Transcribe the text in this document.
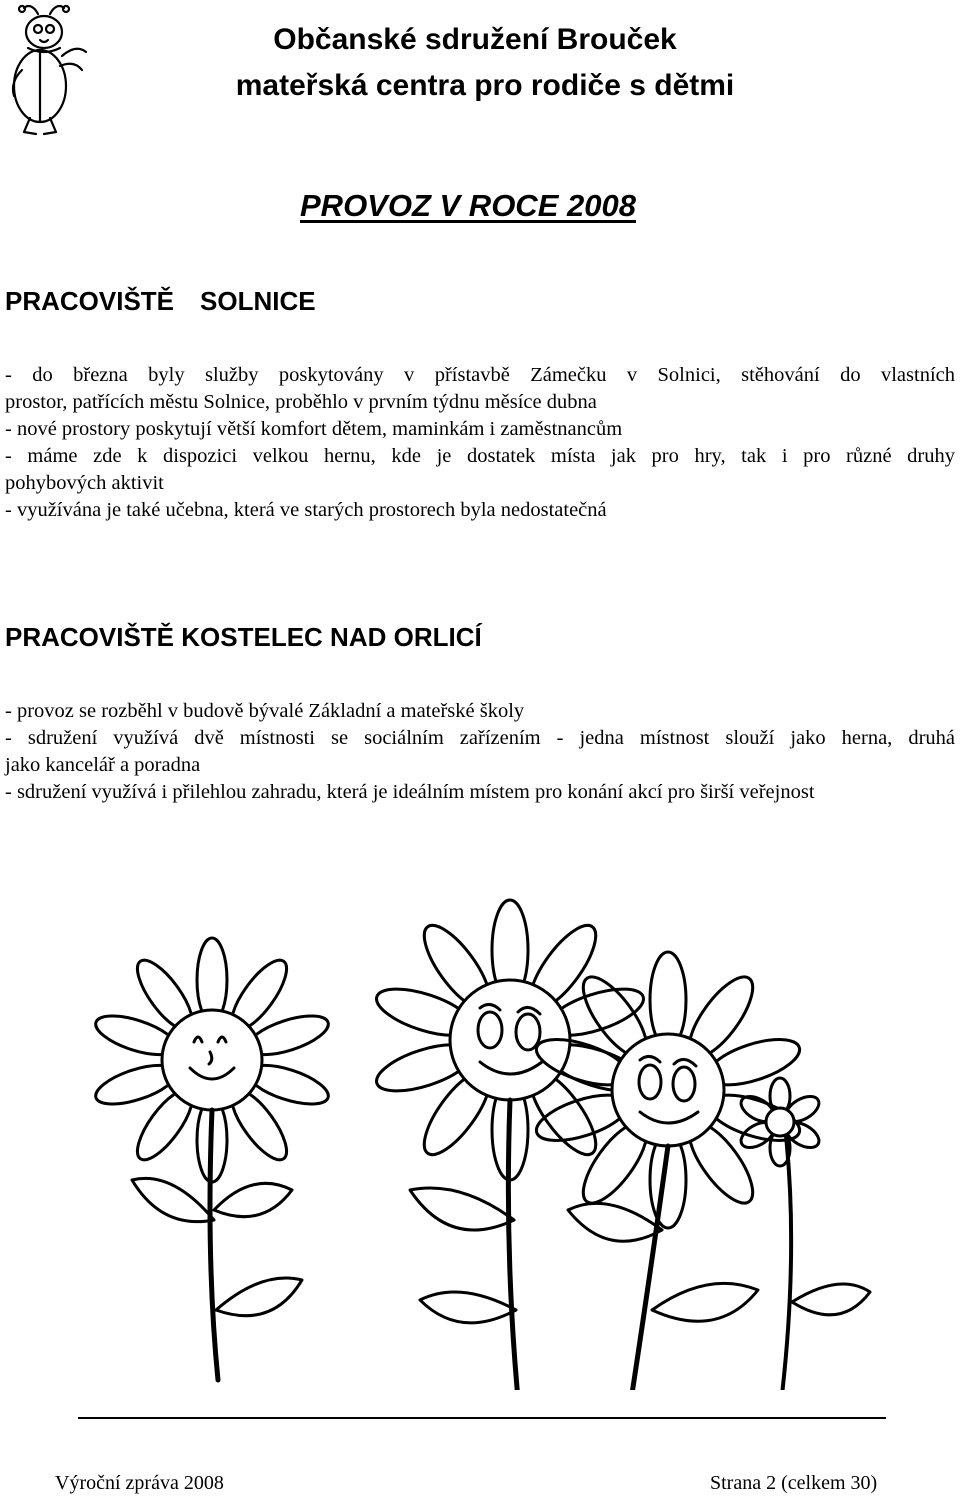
Občanské sdružení Brouček
mateřská centra pro rodiče s dětmi
PROVOZ V ROCE 2008
PRACOVIŠTĚ SOLNICE

- do března byly služby poskytovány v přístavbě Zámečku v Solnici, stěhování do vlastních

prostor, patřících městu Solnice, proběhlo v prvním týdnu měsíce dubna

- nové prostory poskytují větší komfort dětem, maminkám i zaměstnancům

- máme zde k dispozici velkou hernu, kde je dostatek místa jak pro hry, tak i pro různé druhy

pohybových aktivit

- využívána je také učebna, která ve starých prostorech byla nedostatečná

PRACOVIŠTĚ KOSTELEC NAD ORLICÍ

- provoz se rozběhl v budově bývalé Základní a mateřské školy

- sdružení využívá dvě místnosti se sociálním zařízením - jedna místnost slouží jako herna, druhá

jako kancelář a poradna

- sdružení využívá i přilehlou zahradu, která je ideálním místem pro konání akcí pro širší veřejnost

Výroční zpráva 2008	Strana 2 (celkem 30)
